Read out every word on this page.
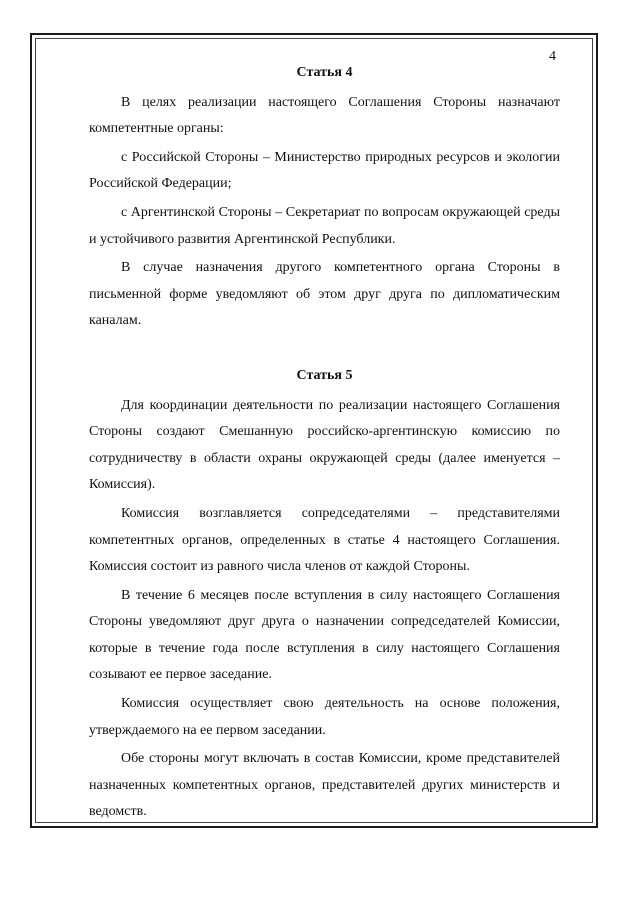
4
Статья 4

В целях реализации настоящего Соглашения Стороны назначают компетентные органы:

с Российской Стороны – Министерство природных ресурсов и экологии Российской Федерации;

с Аргентинской Стороны – Секретариат по вопросам окружающей среды и устойчивого развития Аргентинской Республики.

В случае назначения другого компетентного органа Стороны в письменной форме уведомляют об этом друг друга по дипломатическим каналам.

Статья 5

Для координации деятельности по реализации настоящего Соглашения Стороны создают Смешанную российско-аргентинскую комиссию по сотрудничеству в области охраны окружающей среды (далее именуется – Комиссия).

Комиссия возглавляется сопредседателями – представителями компетентных органов, определенных в статье 4 настоящего Соглашения. Комиссия состоит из равного числа членов от каждой Стороны.

В течение 6 месяцев после вступления в силу настоящего Соглашения Стороны уведомляют друг друга о назначении сопредседателей Комиссии, которые в течение года после вступления в силу настоящего Соглашения созывают ее первое заседание.

Комиссия осуществляет свою деятельность на основе положения, утверждаемого на ее первом заседании.

Обе стороны могут включать в состав Комиссии, кроме представителей назначенных компетентных органов, представителей других министерств и ведомств.
